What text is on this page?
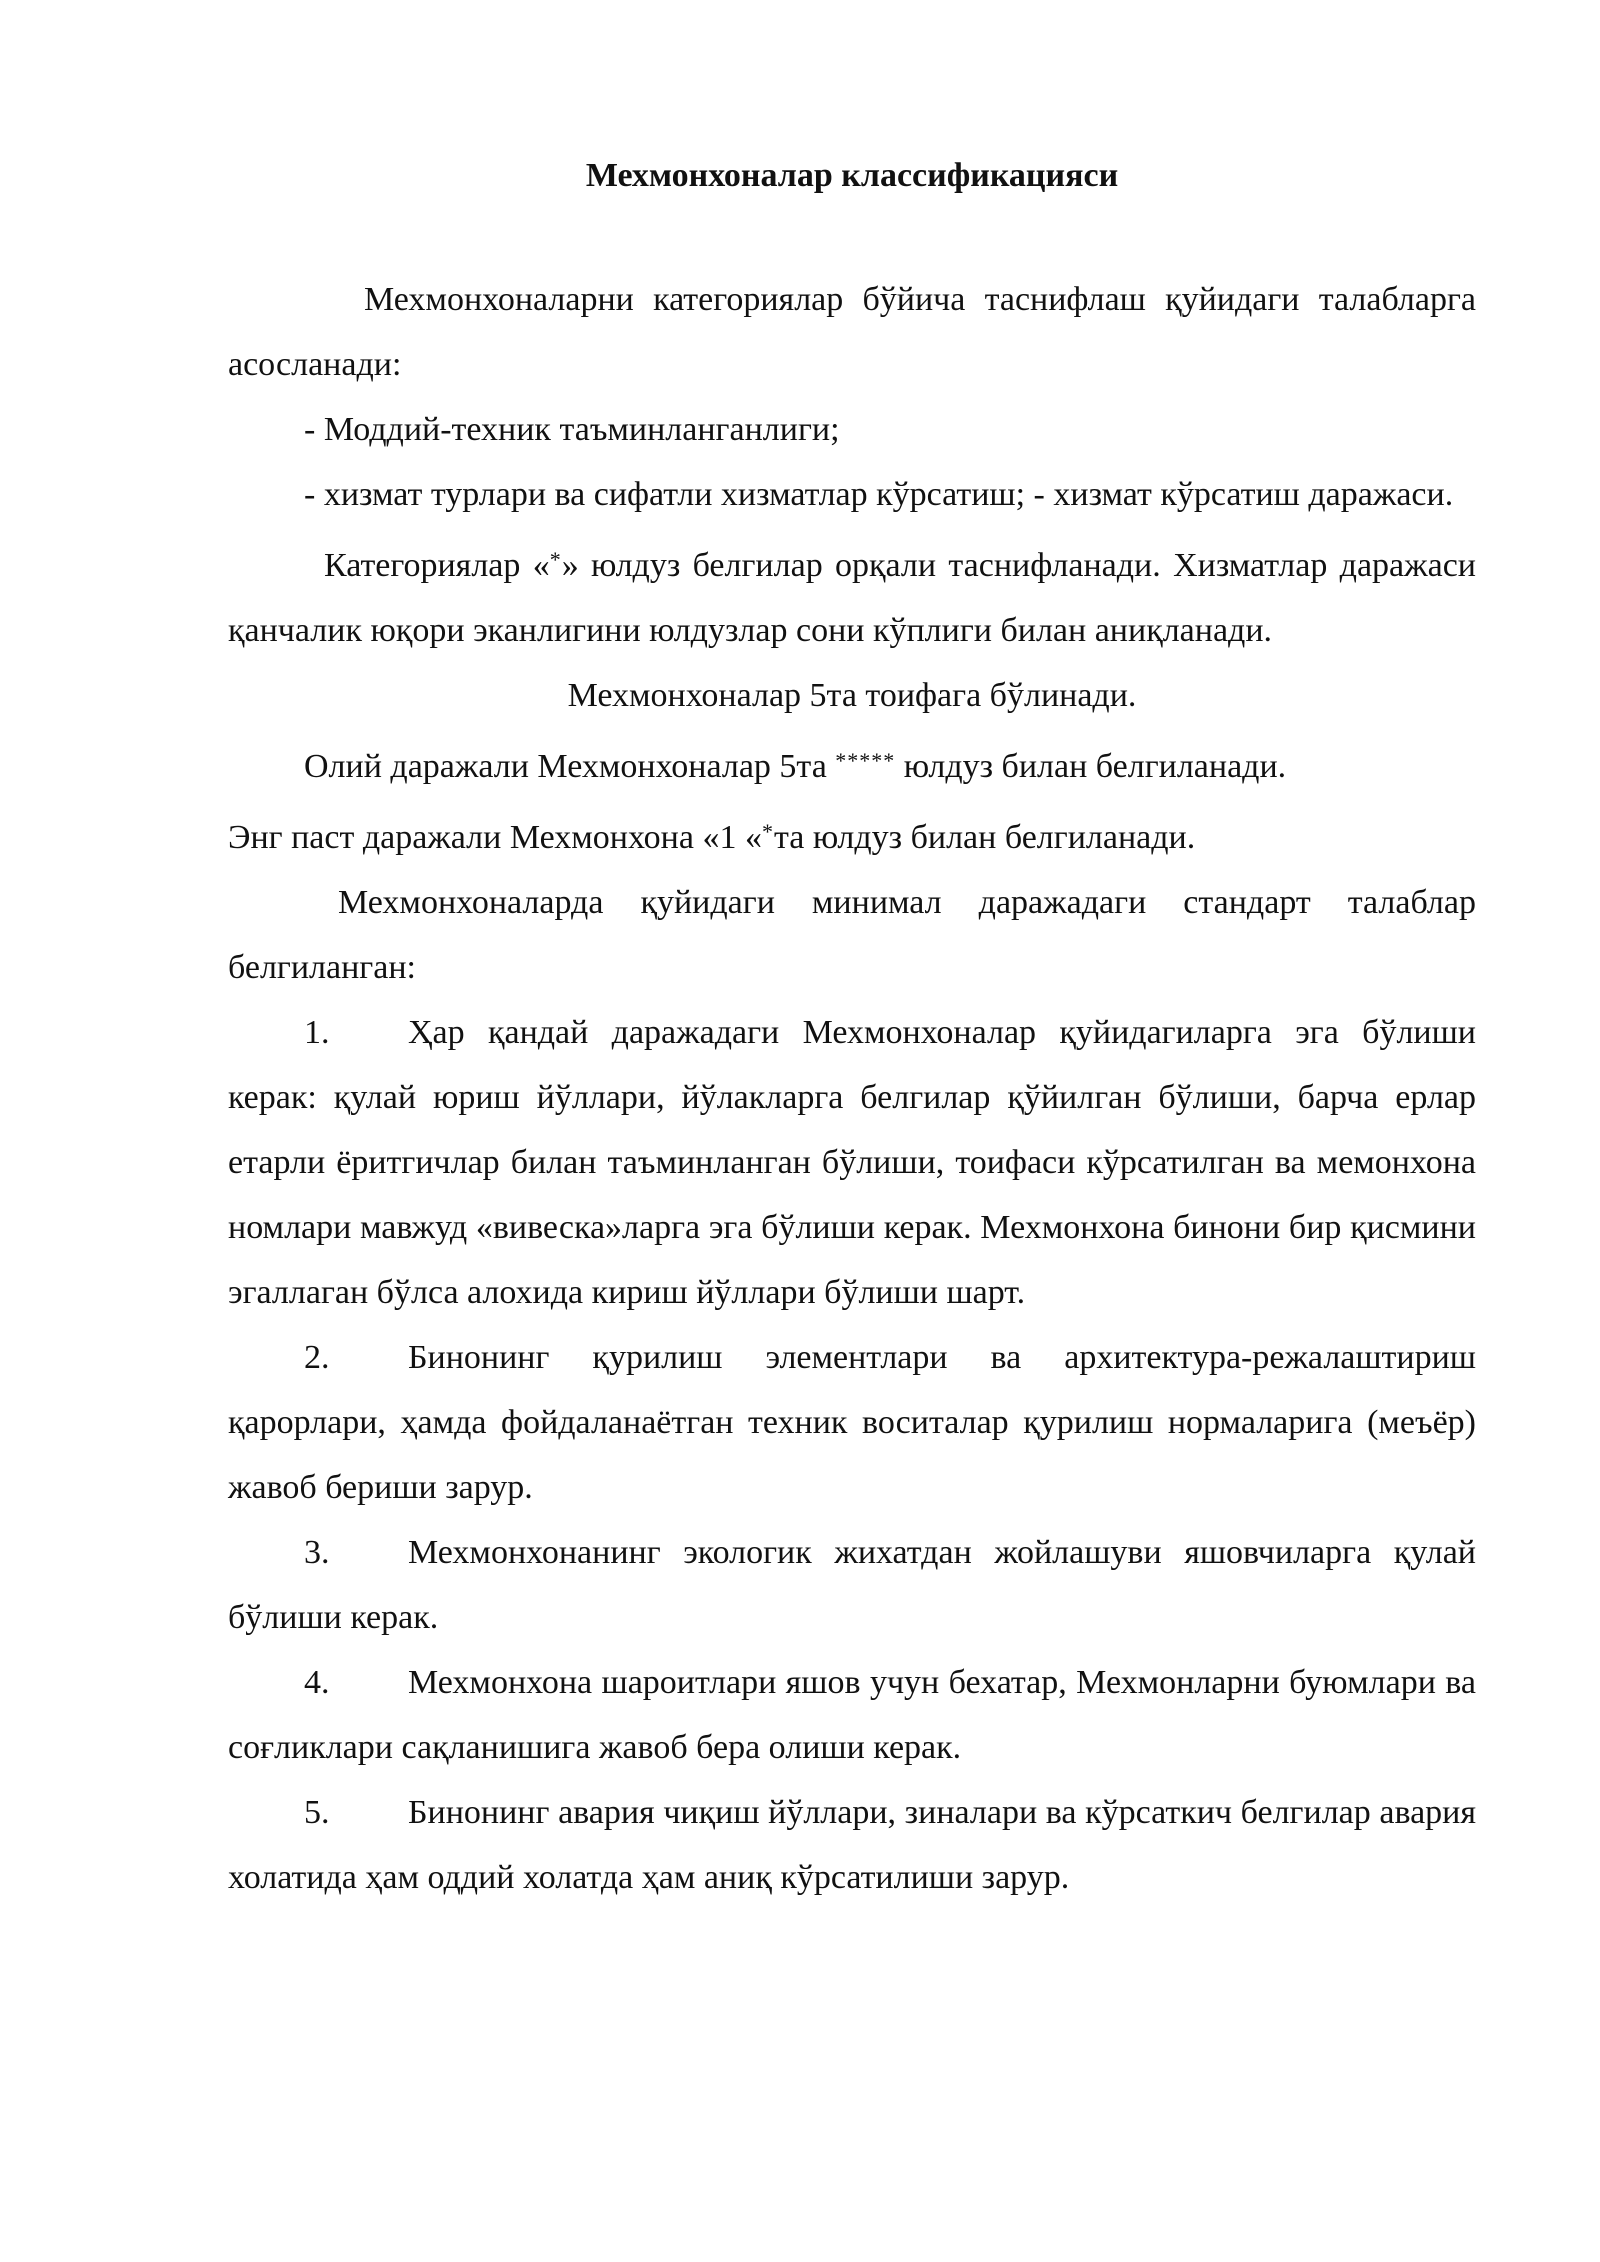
Мехмонхоналар классификацияси

Мехмонхоналарни категориялар бўйича таснифлаш қуйидаги талабларга асосланади:

- Моддий-техник таъминланганлиги;

- хизмат турлари ва сифатли хизматлар кўрсатиш; - хизмат кўрсатиш даражаси.

Категориялар «*» юлдуз белгилар орқали таснифланади. Хизматлар даражаси қанчалик юқори эканлигини юлдузлар сони кўплиги билан аниқланади.

Мехмонхоналар 5та тоифага бўлинади.

Олий даражали Мехмонхоналар 5та ***** юлдуз билан белгиланади.

Энг паст даражали Мехмонхона «1 «*та юлдуз билан белгиланади.

Мехмонхоналарда қуйидаги минимал даражадаги стандарт талаблар белгиланган:

1. Ҳар қандай даражадаги Мехмонхоналар қуйидагиларга эга бўлиши керак: қулай юриш йўллари, йўлакларга белгилар қўйилган бўлиши, барча ерлар етарли ёритгичлар билан таъминланган бўлиши, тоифаси кўрсатилган ва мемонхона номлари мавжуд «вивеска»ларга эга бўлиши керак. Мехмонхона бинони бир қисмини эгаллаган бўлса алохида кириш йўллари бўлиши шарт.

2. Бинонинг қурилиш элементлари ва архитектура-режалаштириш қарорлари, ҳамда фойдаланаётган техник воситалар қурилиш нормаларига (меъёр) жавоб бериши зарур.

3. Мехмонхонанинг экологик жихатдан жойлашуви яшовчиларга қулай бўлиши керак.

4. Мехмонхона шароитлари яшов учун бехатар, Мехмонларни буюмлари ва соғликлари сақланишига жавоб бера олиши керак.

5. Бинонинг авария чиқиш йўллари, зиналари ва кўрсаткич белгилар авария холатида ҳам оддий холатда ҳам аниқ кўрсатилиши зарур.
